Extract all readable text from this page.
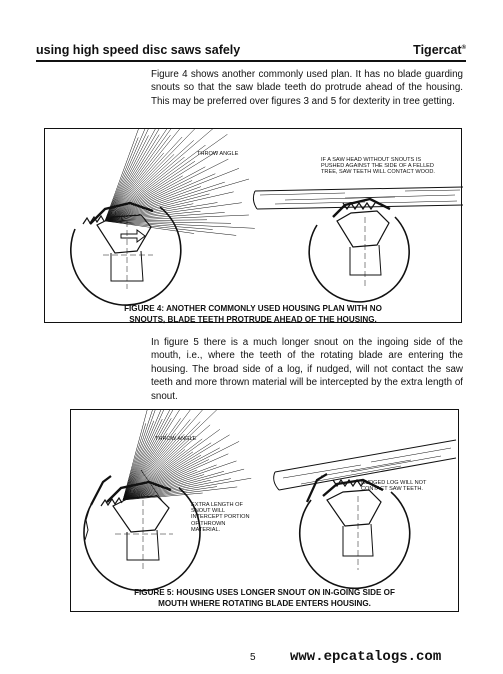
using high speed disc saws safely	Tigercat®
Figure 4 shows another commonly used plan. It has no blade guarding snouts so that the saw blade teeth do protrude ahead of the housing. This may be preferred over figures 3 and 5 for dexterity in tree getting.
THROW ANGLE
IF A SAW HEAD WITHOUT SNOUTS IS PUSHED AGAINST THE SIDE OF A FELLED TREE, SAW TEETH WILL CONTACT WOOD.
FIGURE 4: ANOTHER COMMONLY USED HOUSING PLAN WITH NO
SNOUTS, BLADE TEETH PROTRUDE AHEAD OF THE HOUSING.
In figure 5 there is a much longer snout on the ingoing side of the mouth, i.e., where the teeth of the rotating blade are entering the housing. The broad side of a log, if nudged, will not contact the saw teeth and more thrown material will be intercepted by the extra length of snout.
THROW ANGLE
EXTRA LENGTH OF SNOUT WILL INTERCEPT PORTION OF THROWN MATERIAL.
NUDGED LOG WILL NOT CONTACT SAW TEETH.
FIGURE 5: HOUSING USES LONGER SNOUT ON IN-GOING SIDE OF
MOUTH WHERE ROTATING BLADE ENTERS HOUSING.
5 www.epcatalogs.com
